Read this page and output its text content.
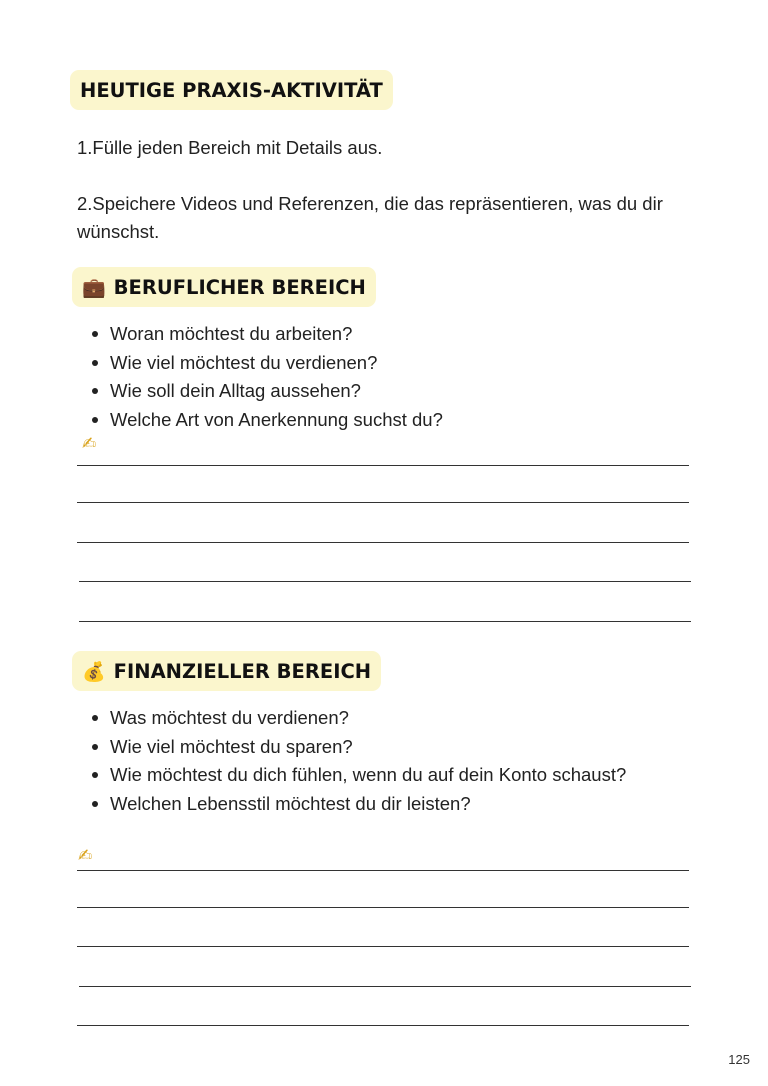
HEUTIGE PRAXIS-AKTIVITÄT

1.Fülle jeden Bereich mit Details aus.

2.Speichere Videos und Referenzen, die das repräsentieren, was du dir wünschst.

💼 BERUFLICHER BEREICH
Woran möchtest du arbeiten?
Wie viel möchtest du verdienen?
Wie soll dein Alltag aussehen?
Welche Art von Anerkennung suchst du?
✍
💰 FINANZIELLER BEREICH
Was möchtest du verdienen?
Wie viel möchtest du sparen?
Wie möchtest du dich fühlen, wenn du auf dein Konto schaust?
Welchen Lebensstil möchtest du dir leisten?
✍
125
